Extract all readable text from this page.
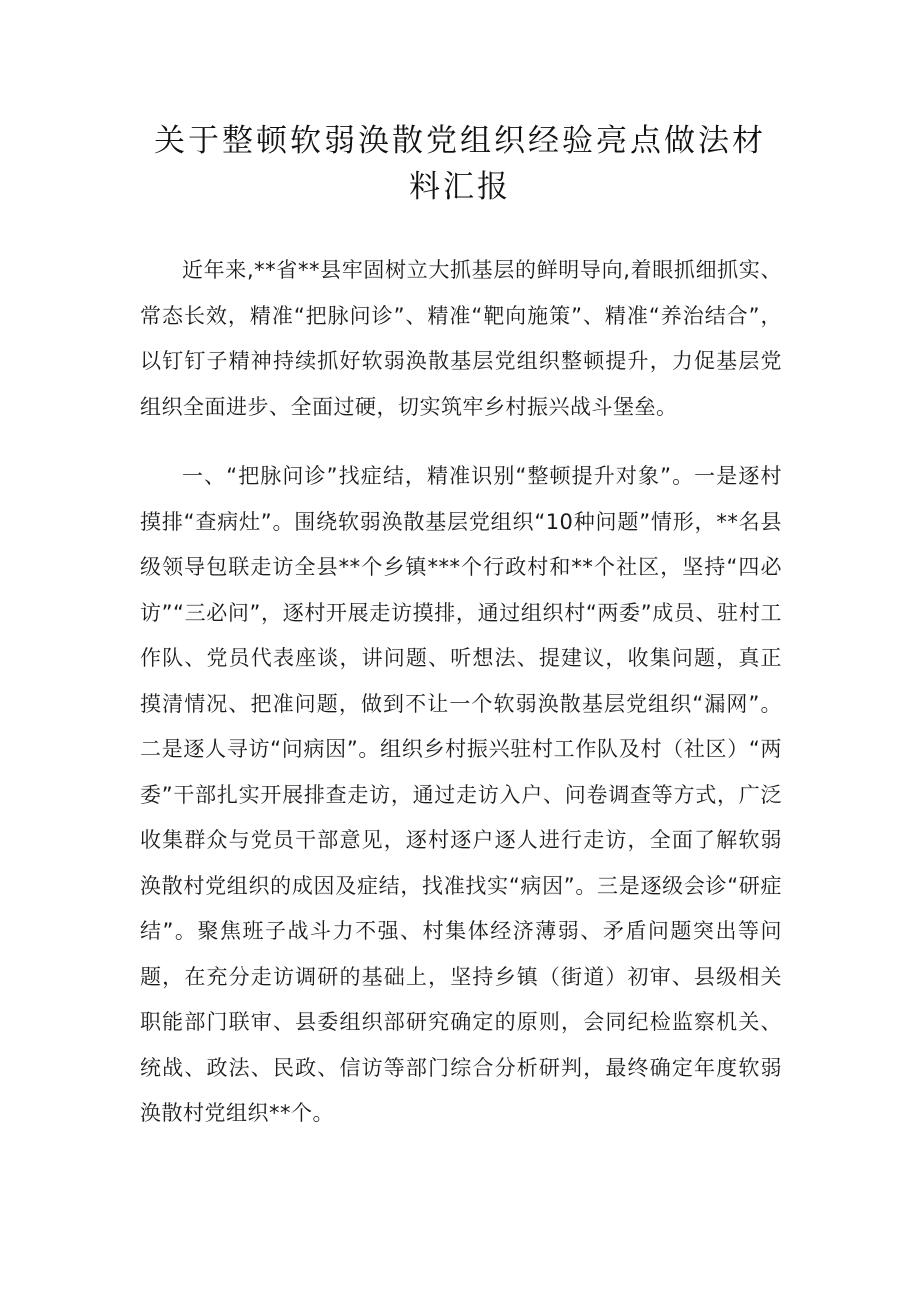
关于整顿软弱涣散党组织经验亮点做法材料汇报

近年来,**省**县牢固树立大抓基层的鲜明导向,着眼抓细抓实、常态长效，精准“把脉问诊”、精准“靶向施策”、精准“养治结合”，以钉钉子精神持续抓好软弱涣散基层党组织整顿提升，力促基层党组织全面进步、全面过硬，切实筑牢乡村振兴战斗堡垒。

一、“把脉问诊”找症结，精准识别“整顿提升对象”。一是逐村摸排“查病灶”。围绕软弱涣散基层党组织“10种问题”情形，**名县级领导包联走访全县**个乡镇***个行政村和**个社区，坚持“四必访”“三必问”，逐村开展走访摸排，通过组织村“两委”成员、驻村工作队、党员代表座谈，讲问题、听想法、提建议，收集问题，真正摸清情况、把准问题，做到不让一个软弱涣散基层党组织“漏网”。二是逐人寻访“问病因”。组织乡村振兴驻村工作队及村（社区）“两委”干部扎实开展排查走访，通过走访入户、问卷调查等方式，广泛收集群众与党员干部意见，逐村逐户逐人进行走访，全面了解软弱涣散村党组织的成因及症结，找准找实“病因”。三是逐级会诊“研症结”。聚焦班子战斗力不强、村集体经济薄弱、矛盾问题突出等问题，在充分走访调研的基础上，坚持乡镇（街道）初审、县级相关职能部门联审、县委组织部研究确定的原则，会同纪检监察机关、统战、政法、民政、信访等部门综合分析研判，最终确定年度软弱涣散村党组织**个。
